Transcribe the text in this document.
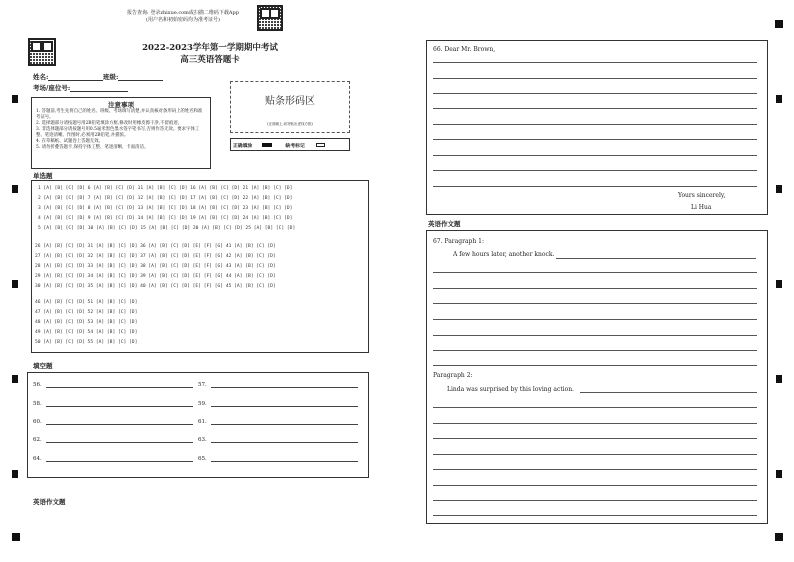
报告查询: 登录zhixue.com或扫描二维码下载App
(用户名和初始密码均为准考证号)
2022-2023学年第一学期期中考试
高三英语答题卡
姓名:	班级:
考场/座位号:
贴条形码区
(正面朝上,切勿贴出虚线方框)
注意事项
1. 答题前,考生先将自己的姓名、班级、考场填写清楚,并认真核对条形码上的姓名和准考证号。
2. 选择题部分请按题号用2B铅笔填涂方框,修改时用橡皮擦干净,不留痕迹。
3. 非选择题部分请按题号用0.5毫米黑色墨水签字笔书写,否则作答无效。要求字体工整、笔迹清晰。作图时,必须用2B铅笔,并描浓。
4. 在草稿纸、试题卷上答题无效。
5. 请勿折叠答题卡,保持字体工整、笔迹清晰、卡面清洁。	正确填涂	缺考标记
单选题
1 [A] [B] [C] [D] 6 [A] [B] [C] [D] 11 [A] [B] [C] [D] 16 [A] [B] [C] [D] 21 [A] [B] [C] [D]
2 [A] [B] [C] [D] 7 [A] [B] [C] [D] 12 [A] [B] [C] [D] 17 [A] [B] [C] [D] 22 [A] [B] [C] [D]
3 [A] [B] [C] [D] 8 [A] [B] [C] [D] 13 [A] [B] [C] [D] 18 [A] [B] [C] [D] 23 [A] [B] [C] [D]
4 [A] [B] [C] [D] 9 [A] [B] [C] [D] 14 [A] [B] [C] [D] 19 [A] [B] [C] [D] 24 [A] [B] [C] [D]
5 [A] [B] [C] [D] 10 [A] [B] [C] [D] 15 [A] [B] [C] [D] 20 [A] [B] [C] [D] 25 [A] [B] [C] [D]
26 [A] [B] [C] [D] 31 [A] [B] [C] [D] 36 [A] [B] [C] [D] [E] [F] [G] 41 [A] [B] [C] [D]
27 [A] [B] [C] [D] 32 [A] [B] [C] [D] 37 [A] [B] [C] [D] [E] [F] [G] 42 [A] [B] [C] [D]
28 [A] [B] [C] [D] 33 [A] [B] [C] [D] 38 [A] [B] [C] [D] [E] [F] [G] 43 [A] [B] [C] [D]
29 [A] [B] [C] [D] 34 [A] [B] [C] [D] 39 [A] [B] [C] [D] [E] [F] [G] 44 [A] [B] [C] [D]
30 [A] [B] [C] [D] 35 [A] [B] [C] [D] 40 [A] [B] [C] [D] [E] [F] [G] 45 [A] [B] [C] [D]
46 [A] [B] [C] [D] 51 [A] [B] [C] [D]
47 [A] [B] [C] [D] 52 [A] [B] [C] [D]
48 [A] [B] [C] [D] 53 [A] [B] [C] [D]
49 [A] [B] [C] [D] 54 [A] [B] [C] [D]
50 [A] [B] [C] [D] 55 [A] [B] [C] [D]
填空题
56.	57.
58.	59.
60.	61.
62.	63.
64.	65.
英语作文题
66. Dear Mr. Brown,
Yours sincerely,
Li Hua
英语作文题
67. Paragraph 1:
A few hours later, another knock.
Paragraph 2:
Linda was surprised by this loving action.
